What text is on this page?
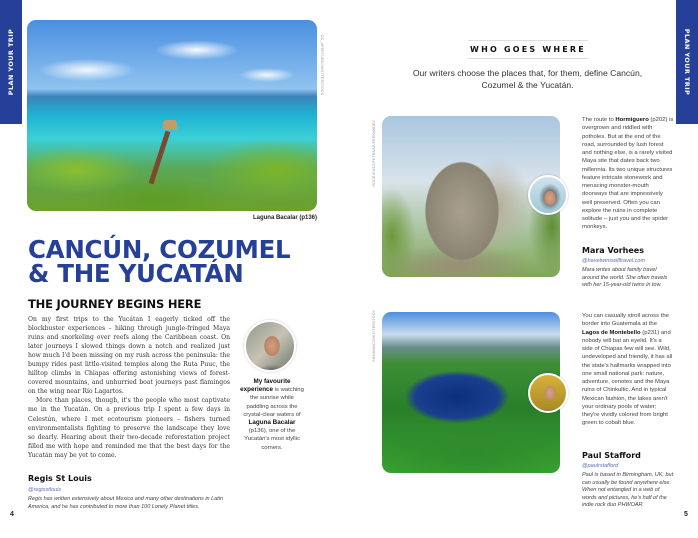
PLAN YOUR TRIP	PLAN YOUR TRIP
DC_APERTURE/SHUTTERSTOCK
Laguna Bacalar (p136)
CANCÚN, COZUMEL
& THE YUCATÁN
THE JOURNEY BEGINS HERE

On my first trips to the Yucátan I eagerly ticked off the blockbuster experiences – hiking through jungle-fringed Maya ruins and snorkeling over reefs along the Caribbean coast. On later journeys I slowed things down a notch and realized just how much I'd been missing on my rush across the peninsula: the bumpy rides past little-visited temples along the Ruta Puuc, the hilltop climbs in Chiapas offering astonishing views of forest-covered mountains, and unhurried boat journeys past flamingos on the wing near Río Lagartos.

More than places, though, it's the people who most captivate me in the Yucatán. On a previous trip I spent a few days in Celestún, where I met ecotourism pioneers – fishers turned environmentalists fighting to preserve the landscape they love so dearly. Hearing about their two-decade reforestation project filled me with hope and reminded me that the best days for the Yucatán may be yet to come.

My favourite experience is watching the sunrise while paddling across the crystal-clear waters of Laguna Bacalar (p136), one of the Yucatán's most idyllic corners.
Regis St Louis
@regisstlouis
Regis has written extensively about Mexico and many other destinations in Latin America, and he has contributed to more than 100 Lonely Planet titles.
4
WHO GOES WHERE
Our writers choose the places that, for them, define Cancún, Cozumel & the Yucatán.
RODRIGUEZ/PETRNAR/FERNANDEZ	The route to Hormiguero (p202) is overgrown and riddled with potholes. But at the end of the road, surrounded by lush forest and nothing else, is a rarely visited Maya site that dates back two millennia. Its two unique structures feature intricate stonework and menacing monster-mouth doorways that are impressively well preserved. Often you can explore the ruins in complete solitude – just you and the spider monkeys.
Mara Vorhees
@havetwinswilltravel.com
Mara writes about family travel around the world. She often travels with her 15-year-old twins in tow.
SHAWNMC/SHUTTERSTOCK	You can casually stroll across the border into Guatemala at the Lagos de Montebello (p231) and nobody will bat an eyelid. It's a side of Chiapas few will see. Wild, undeveloped and friendly, it has all the state's hallmarks wrapped into one small national park: nature, adventure, cenotes and the Maya ruins of Chinkultic. And in typical Mexican fashion, the lakes aren't your ordinary pools of water; they're vividly colored from bright green to cobalt blue.
Paul Stafford
@paulrstafford
Paul is based in Birmingham, UK, but can usually be found anywhere else. When not entangled in a web of words and pictures, he's half of the indie rock duo PHWOAR.
5
